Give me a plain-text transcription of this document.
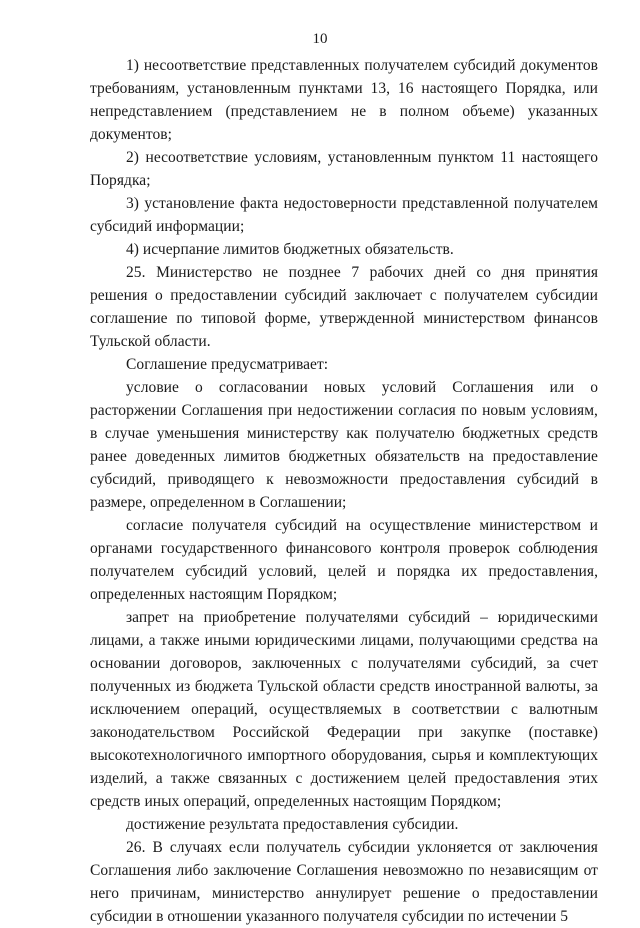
10

1) несоответствие представленных получателем субсидий документов требованиям, установленным пунктами 13, 16 настоящего Порядка, или непредставлением (представлением не в полном объеме) указанных документов;

2) несоответствие условиям, установленным пунктом 11 настоящего Порядка;

3) установление факта недостоверности представленной получателем субсидий информации;

4) исчерпание лимитов бюджетных обязательств.

25. Министерство не позднее 7 рабочих дней со дня принятия решения о предоставлении субсидий заключает с получателем субсидии соглашение по типовой форме, утвержденной министерством финансов Тульской области.

Соглашение предусматривает:

условие о согласовании новых условий Соглашения или о расторжении Соглашения при недостижении согласия по новым условиям, в случае уменьшения министерству как получателю бюджетных средств ранее доведенных лимитов бюджетных обязательств на предоставление субсидий, приводящего к невозможности предоставления субсидий в размере, определенном в Соглашении;

согласие получателя субсидий на осуществление министерством и органами государственного финансового контроля проверок соблюдения получателем субсидий условий, целей и порядка их предоставления, определенных настоящим Порядком;

запрет на приобретение получателями субсидий – юридическими лицами, а также иными юридическими лицами, получающими средства на основании договоров, заключенных с получателями субсидий, за счет полученных из бюджета Тульской области средств иностранной валюты, за исключением операций, осуществляемых в соответствии с валютным законодательством Российской Федерации при закупке (поставке) высокотехнологичного импортного оборудования, сырья и комплектующих изделий, а также связанных с достижением целей предоставления этих средств иных операций, определенных настоящим Порядком;

достижение результата предоставления субсидии.

26. В случаях если получатель субсидии уклоняется от заключения Соглашения либо заключение Соглашения невозможно по независящим от него причинам, министерство аннулирует решение о предоставлении субсидии в отношении указанного получателя субсидии по истечении 5
